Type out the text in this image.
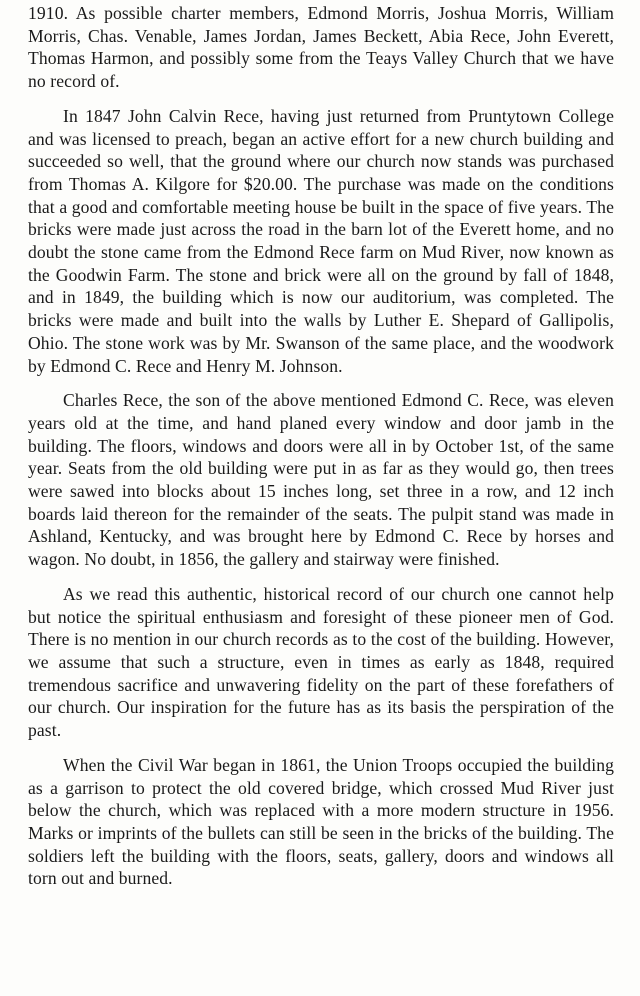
1910. As possible charter members, Edmond Morris, Joshua Morris, William Morris, Chas. Venable, James Jordan, James Beckett, Abia Rece, John Everett, Thomas Harmon, and possibly some from the Teays Valley Church that we have no record of.

In 1847 John Calvin Rece, having just returned from Pruntytown College and was licensed to preach, began an active effort for a new church building and succeeded so well, that the ground where our church now stands was purchased from Thomas A. Kilgore for $20.00. The purchase was made on the conditions that a good and comfortable meeting house be built in the space of five years. The bricks were made just across the road in the barn lot of the Everett home, and no doubt the stone came from the Edmond Rece farm on Mud River, now known as the Goodwin Farm. The stone and brick were all on the ground by fall of 1848, and in 1849, the building which is now our auditorium, was completed. The bricks were made and built into the walls by Luther E. Shepard of Gallipolis, Ohio. The stone work was by Mr. Swanson of the same place, and the woodwork by Edmond C. Rece and Henry M. Johnson.

Charles Rece, the son of the above mentioned Edmond C. Rece, was eleven years old at the time, and hand planed every window and door jamb in the building. The floors, windows and doors were all in by October 1st, of the same year. Seats from the old building were put in as far as they would go, then trees were sawed into blocks about 15 inches long, set three in a row, and 12 inch boards laid thereon for the remainder of the seats. The pulpit stand was made in Ashland, Kentucky, and was brought here by Edmond C. Rece by horses and wagon. No doubt, in 1856, the gallery and stairway were finished.

As we read this authentic, historical record of our church one cannot help but notice the spiritual enthusiasm and foresight of these pioneer men of God. There is no mention in our church records as to the cost of the building. However, we assume that such a structure, even in times as early as 1848, required tremendous sacrifice and unwavering fidelity on the part of these forefathers of our church. Our inspiration for the future has as its basis the perspiration of the past.

When the Civil War began in 1861, the Union Troops occupied the building as a garrison to protect the old covered bridge, which crossed Mud River just below the church, which was replaced with a more modern structure in 1956. Marks or imprints of the bullets can still be seen in the bricks of the building. The soldiers left the building with the floors, seats, gallery, doors and windows all torn out and burned.
